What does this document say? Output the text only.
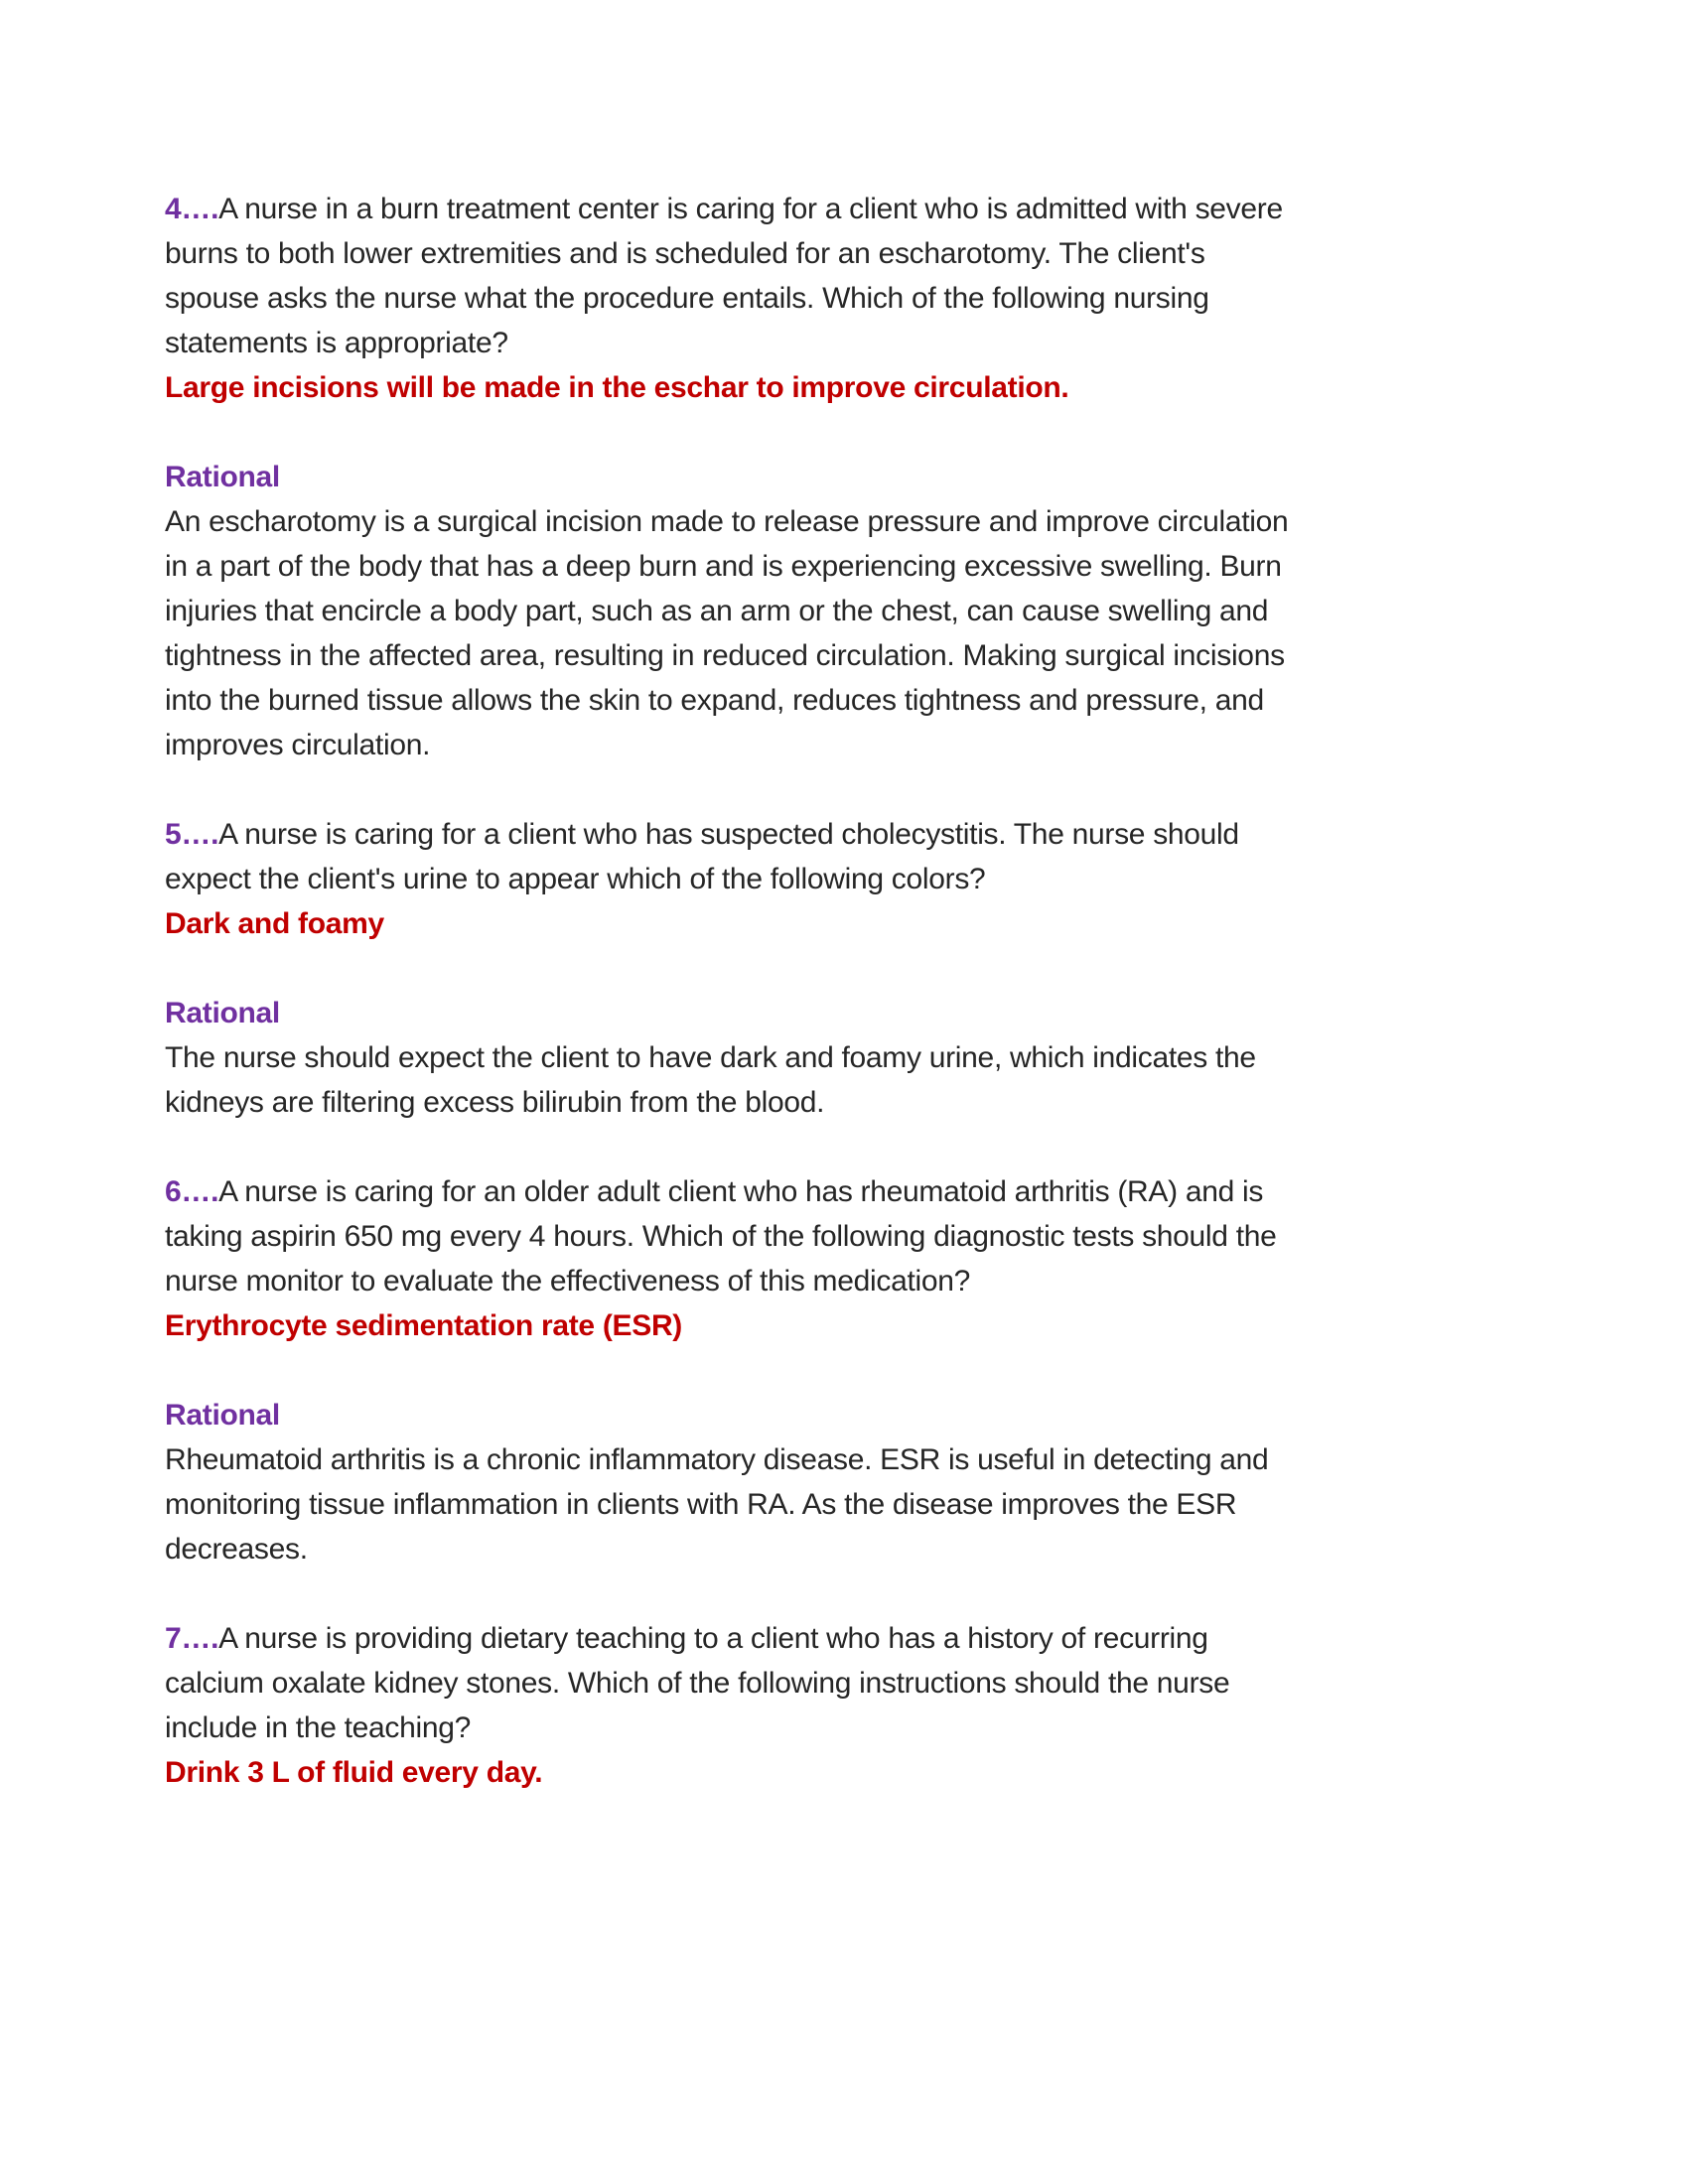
4….A nurse in a burn treatment center is caring for a client who is admitted with severe burns to both lower extremities and is scheduled for an escharotomy. The client's spouse asks the nurse what the procedure entails. Which of the following nursing statements is appropriate?

Large incisions will be made in the eschar to improve circulation.

Rational

An escharotomy is a surgical incision made to release pressure and improve circulation in a part of the body that has a deep burn and is experiencing excessive swelling. Burn injuries that encircle a body part, such as an arm or the chest, can cause swelling and tightness in the affected area, resulting in reduced circulation. Making surgical incisions into the burned tissue allows the skin to expand, reduces tightness and pressure, and improves circulation.

5….A nurse is caring for a client who has suspected cholecystitis. The nurse should expect the client's urine to appear which of the following colors?

Dark and foamy

Rational

The nurse should expect the client to have dark and foamy urine, which indicates the kidneys are filtering excess bilirubin from the blood.

6….A nurse is caring for an older adult client who has rheumatoid arthritis (RA) and is taking aspirin 650 mg every 4 hours. Which of the following diagnostic tests should the nurse monitor to evaluate the effectiveness of this medication?

Erythrocyte sedimentation rate (ESR)

Rational

Rheumatoid arthritis is a chronic inflammatory disease. ESR is useful in detecting and monitoring tissue inflammation in clients with RA. As the disease improves the ESR decreases.

7….A nurse is providing dietary teaching to a client who has a history of recurring calcium oxalate kidney stones. Which of the following instructions should the nurse include in the teaching?

Drink 3 L of fluid every day.
